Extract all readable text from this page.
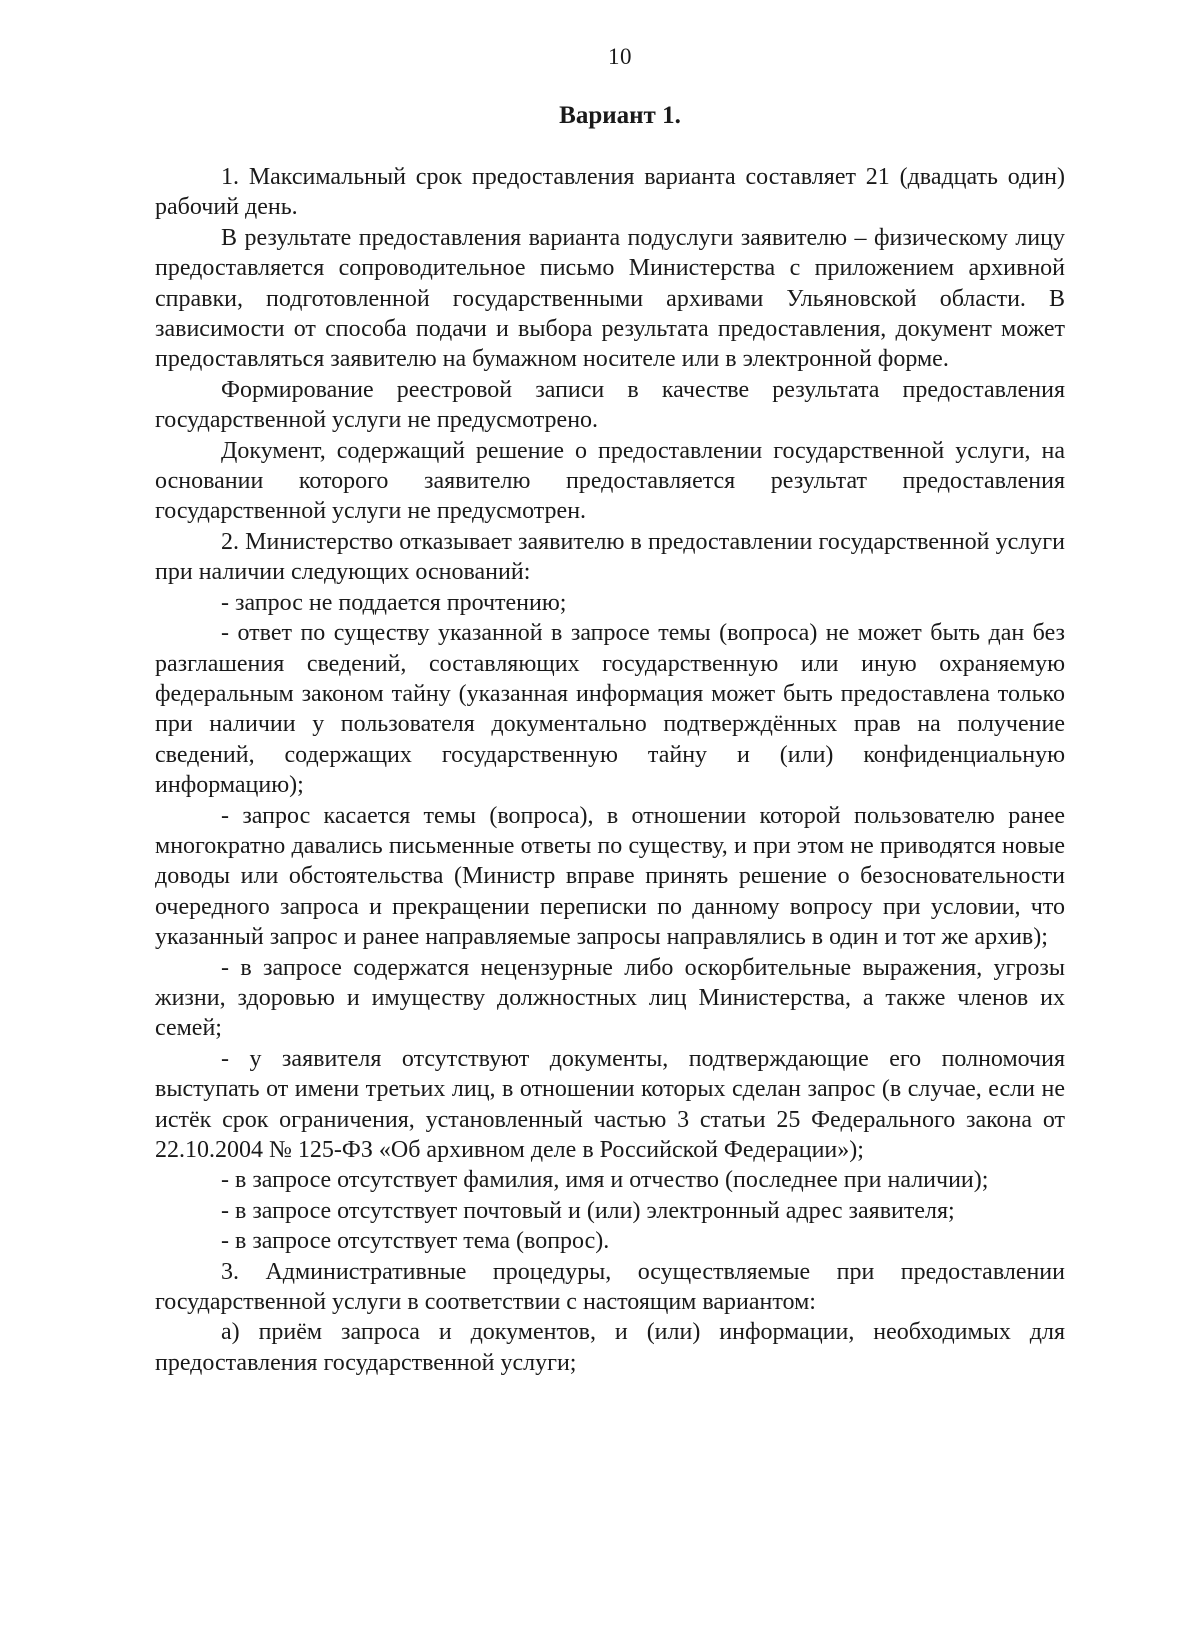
10
Вариант 1.

1. Максимальный срок предоставления варианта составляет 21 (двадцать один) рабочий день.

В результате предоставления варианта подуслуги заявителю – физическому лицу предоставляется сопроводительное письмо Министерства с приложением архивной справки, подготовленной государственными архивами Ульяновской области. В зависимости от способа подачи и выбора результата предоставления, документ может предоставляться заявителю на бумажном носителе или в электронной форме.

Формирование реестровой записи в качестве результата предоставления государственной услуги не предусмотрено.

Документ, содержащий решение о предоставлении государственной услуги, на основании которого заявителю предоставляется результат предоставления государственной услуги не предусмотрен.

2. Министерство отказывает заявителю в предоставлении государственной услуги при наличии следующих оснований:

- запрос не поддается прочтению;

- ответ по существу указанной в запросе темы (вопроса) не может быть дан без разглашения сведений, составляющих государственную или иную охраняемую федеральным законом тайну (указанная информация может быть предоставлена только при наличии у пользователя документально подтверждённых прав на получение сведений, содержащих государственную тайну и (или) конфиденциальную информацию);

- запрос касается темы (вопроса), в отношении которой пользователю ранее многократно давались письменные ответы по существу, и при этом не приводятся новые доводы или обстоятельства (Министр вправе принять решение о безосновательности очередного запроса и прекращении переписки по данному вопросу при условии, что указанный запрос и ранее направляемые запросы направлялись в один и тот же архив);

- в запросе содержатся нецензурные либо оскорбительные выражения, угрозы жизни, здоровью и имуществу должностных лиц Министерства, а также членов их семей;

- у заявителя отсутствуют документы, подтверждающие его полномочия выступать от имени третьих лиц, в отношении которых сделан запрос (в случае, если не истёк срок ограничения, установленный частью 3 статьи 25 Федерального закона от 22.10.2004 № 125-ФЗ «Об архивном деле в Российской Федерации»);

- в запросе отсутствует фамилия, имя и отчество (последнее при наличии);

- в запросе отсутствует почтовый и (или) электронный адрес заявителя;

- в запросе отсутствует тема (вопрос).

3. Административные процедуры, осуществляемые при предоставлении государственной услуги в соответствии с настоящим вариантом:

а) приём запроса и документов, и (или) информации, необходимых для предоставления государственной услуги;
